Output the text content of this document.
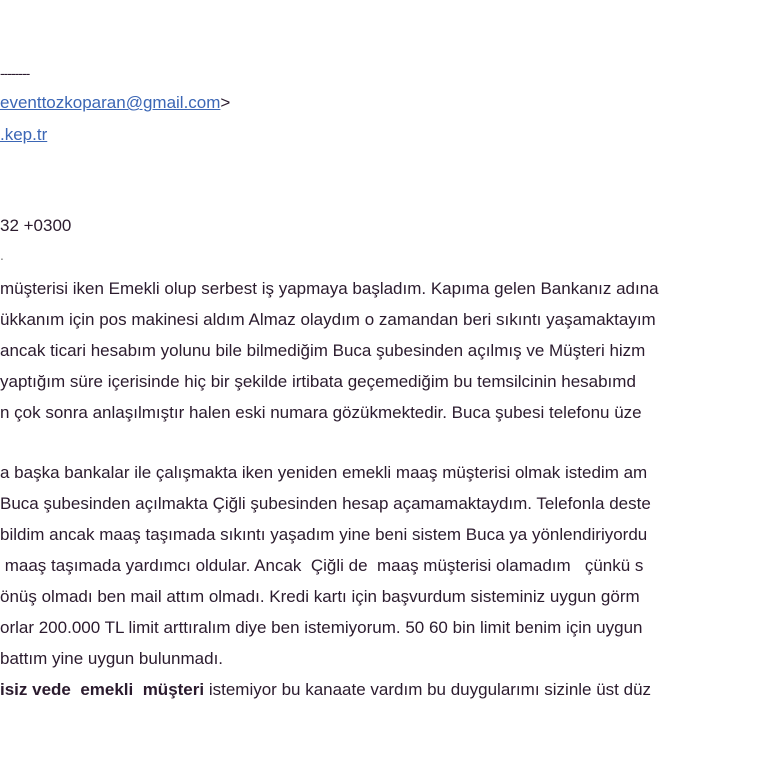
--------
eventtozkoparan@gmail.com>
.kep.tr
32 +0300
.
müşterisi iken Emekli olup serbest iş yapmaya başladım. Kapıma gelen Bankanız adına
ükkanım için pos makinesi aldım Almaz olaydım o zamandan beri sıkıntı yaşamaktayım
ancak ticari hesabım yolunu bile bilmediğim Buca şubesinden açılmış ve Müşteri hizm
yaptığım süre içerisinde hiç bir şekilde irtibata geçemediğim bu temsilcinin hesabımd
n çok sonra anlaşılmıştır halen eski numara gözükmektedir. Buca şubesi telefonu üze
a başka bankalar ile çalışmakta iken yeniden emekli maaş müşterisi olmak istedim am
Buca şubesinden açılmakta Çiğli şubesinden hesap açamamaktaydım. Telefonla deste
bildim ancak maaş taşımada sıkıntı yaşadım yine beni sistem Buca ya yönlendiriyordu
maaş taşımada yardımcı oldular. Ancak  Çiğli de  maaş müşterisi olamadım   çünkü s
önüş olmadı ben mail attım olmadı. Kredi kartı için başvurdum sisteminiz uygun görm
orlar 200.000 TL limit arttıralım diye ben istemiyorum. 50 60 bin limit benim için uygun
battım yine uygun bulunmadı.
isiz vede  emekli  müşteri istemiyor bu kanaate vardım bu duygularımı sizinle üst düz
